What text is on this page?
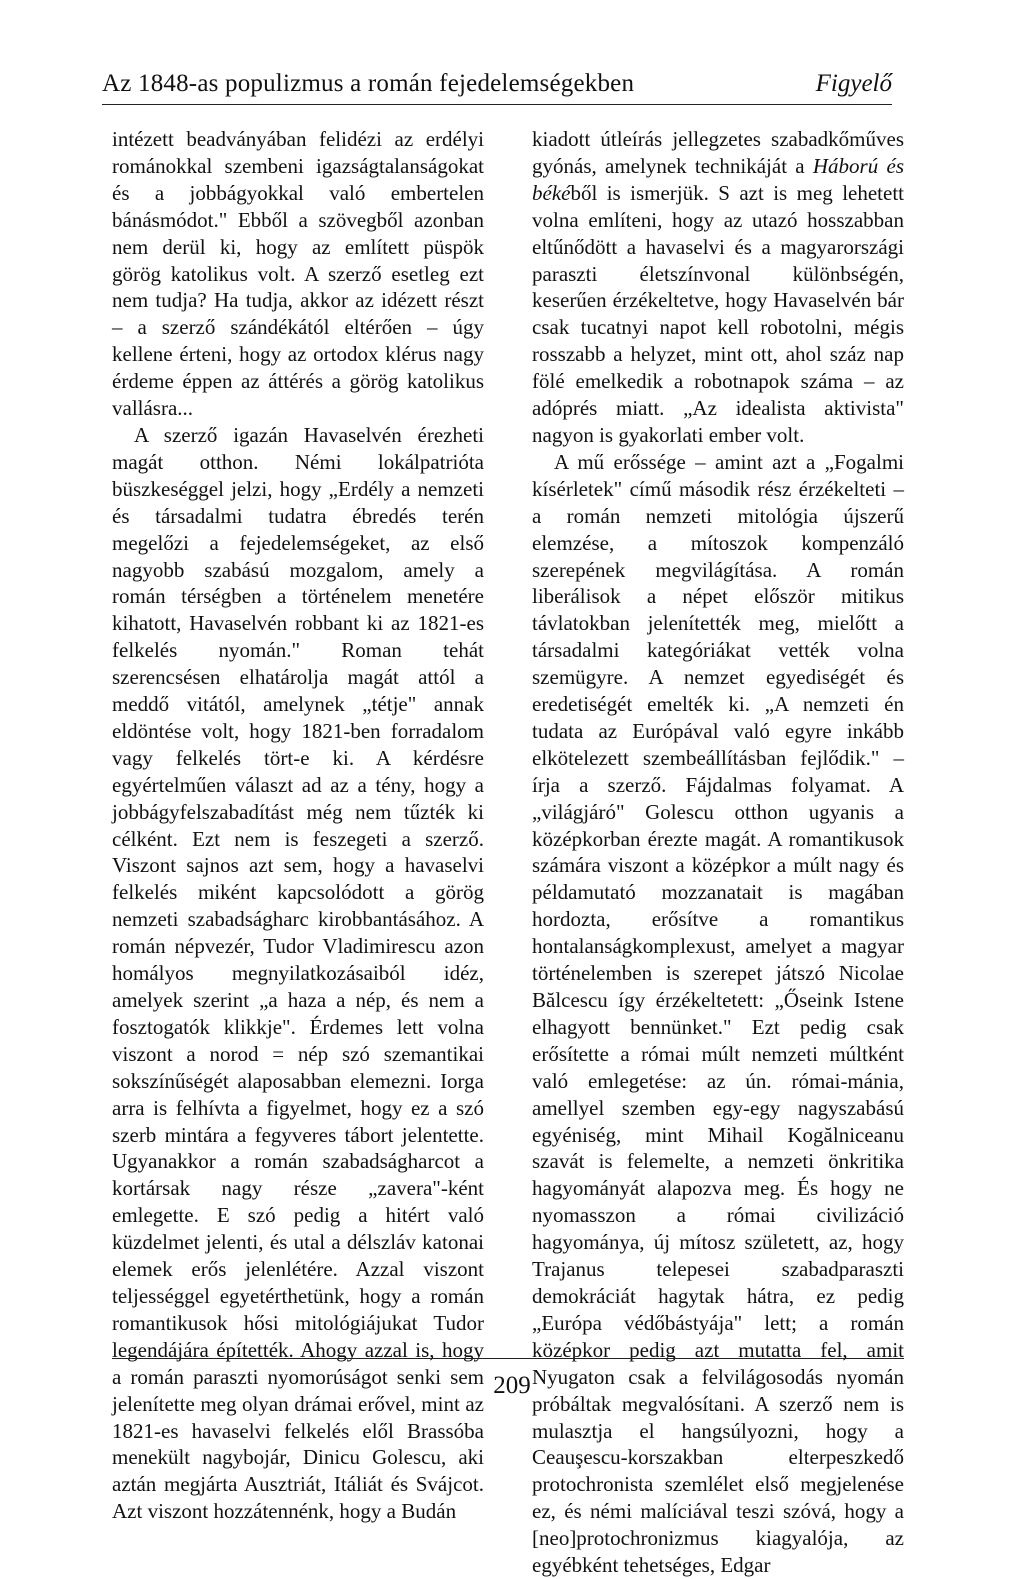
Az 1848-as populizmus a román fejedelemségekben	Figyelő

intézett beadványában felidézi az erdélyi románokkal szembeni igazságtalanságokat és a jobbágyokkal való embertelen bánásmódot." Ebből a szövegből azonban nem derül ki, hogy az említett püspök görög katolikus volt. A szerző esetleg ezt nem tudja? Ha tudja, akkor az idézett részt – a szerző szándékától eltérően – úgy kellene érteni, hogy az ortodox klérus nagy érdeme éppen az áttérés a görög katolikus vallásra...

A szerző igazán Havaselvén érezheti magát otthon. Némi lokálpatrióta büszkeséggel jelzi, hogy „Erdély a nemzeti és társadalmi tudatra ébredés terén megelőzi a fejedelemségeket, az első nagyobb szabású mozgalom, amely a román térségben a történelem menetére kihatott, Havaselvén robbant ki az 1821-es felkelés nyomán." Roman tehát szerencsésen elhatárolja magát attól a meddő vitától, amelynek „tétje" annak eldöntése volt, hogy 1821-ben forradalom vagy felkelés tört-e ki. A kérdésre egyértelműen választ ad az a tény, hogy a jobbágyfelszabadítást még nem tűzték ki célként. Ezt nem is feszegeti a szerző. Viszont sajnos azt sem, hogy a havaselvi felkelés miként kapcsolódott a görög nemzeti szabadságharc kirobbantásához. A román népvezér, Tudor Vladimirescu azon homályos megnyilatkozásaiból idéz, amelyek szerint „a haza a nép, és nem a fosztogatók klikkje". Érdemes lett volna viszont a norod = nép szó szemantikai sokszínűségét alaposabban elemezni. Iorga arra is felhívta a figyelmet, hogy ez a szó szerb mintára a fegyveres tábort jelentette. Ugyanakkor a román szabadságharcot a kortársak nagy része „zavera"-ként emlegette. E szó pedig a hitért való küzdelmet jelenti, és utal a délszláv katonai elemek erős jelenlétére. Azzal viszont teljességgel egyetérthetünk, hogy a román romantikusok hősi mitológiájukat Tudor legendájára építették. Ahogy azzal is, hogy a román paraszti nyomorúságot senki sem jelenítette meg olyan drámai erővel, mint az 1821-es havaselvi felkelés elől Brassóba menekült nagybojár, Dinicu Golescu, aki aztán megjárta Ausztriát, Itáliát és Svájcot. Azt viszont hozzátennénk, hogy a Budán

kiadott útleírás jellegzetes szabadkőműves gyónás, amelynek technikáját a Háború és békéből is ismerjük. S azt is meg lehetett volna említeni, hogy az utazó hosszabban eltűnődött a havaselvi és a magyarországi paraszti életszínvonal különbségén, keserűen érzékeltetve, hogy Havaselvén bár csak tucatnyi napot kell robotolni, mégis rosszabb a helyzet, mint ott, ahol száz nap fölé emelkedik a robotnapok száma – az adóprés miatt. „Az idealista aktivista" nagyon is gyakorlati ember volt.

A mű erőssége – amint azt a „Fogalmi kísérletek" című második rész érzékelteti – a román nemzeti mitológia újszerű elemzése, a mítoszok kompenzáló szerepének megvilágítása. A román liberálisok a népet először mitikus távlatokban jelenítették meg, mielőtt a társadalmi kategóriákat vették volna szemügyre. A nemzet egyediségét és eredetiségét emelték ki. „A nemzeti én tudata az Európával való egyre inkább elkötelezett szembeállításban fejlődik." – írja a szerző. Fájdalmas folyamat. A „világjáró" Golescu otthon ugyanis a középkorban érezte magát. A romantikusok számára viszont a középkor a múlt nagy és példamutató mozzanatait is magában hordozta, erősítve a romantikus hontalanságkomplexust, amelyet a magyar történelemben is szerepet játszó Nicolae Bălcescu így érzékeltetett: „Őseink Istene elhagyott bennünket." Ezt pedig csak erősítette a római múlt nemzeti múltként való emlegetése: az ún. római-mánia, amellyel szemben egy-egy nagyszabású egyéniség, mint Mihail Kogălniceanu szavát is felemelte, a nemzeti önkritika hagyományát alapozva meg. És hogy ne nyomasszon a római civilizáció hagyománya, új mítosz született, az, hogy Trajanus telepesei szabadparaszti demokráciát hagytak hátra, ez pedig „Európa védőbástyája" lett; a román középkor pedig azt mutatta fel, amit Nyugaton csak a felvilágosodás nyomán próbáltak megvalósítani. A szerző nem is mulasztja el hangsúlyozni, hogy a Ceauşescu-korszakban elterpeszkedő protochronista szemlélet első megjelenése ez, és némi malíciával teszi szóvá, hogy a [neo]protochronizmus kiagyalója, az egyébként tehetséges, Edgar

209
